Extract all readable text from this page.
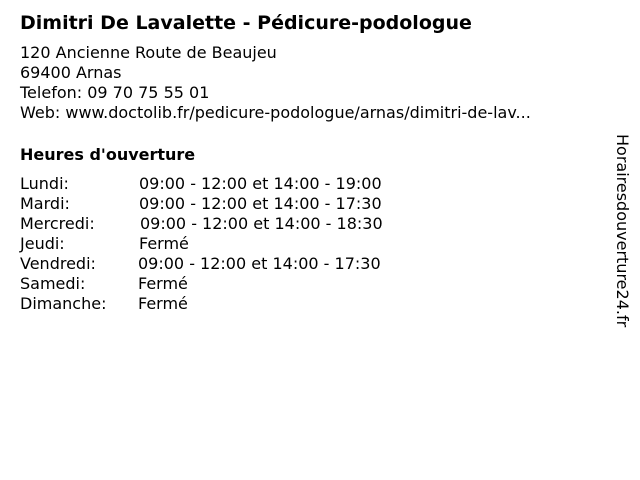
Dimitri De Lavalette - Pédicure-podologue
120 Ancienne Route de Beaujeu
69400 Arnas
Telefon: 09 70 75 55 01
Web: www.doctolib.fr/pedicure-podologue/arnas/dimitri-de-lav...
Heures d'ouverture
Lundi:	09:00 - 12:00 et 14:00 - 19:00
Mardi:	09:00 - 12:00 et 14:00 - 17:30
Mercredi:	09:00 - 12:00 et 14:00 - 18:30
Jeudi:	Fermé
Vendredi:	09:00 - 12:00 et 14:00 - 17:30
Samedi:	Fermé
Dimanche: Fermé	Horairesdouverture24.fr
